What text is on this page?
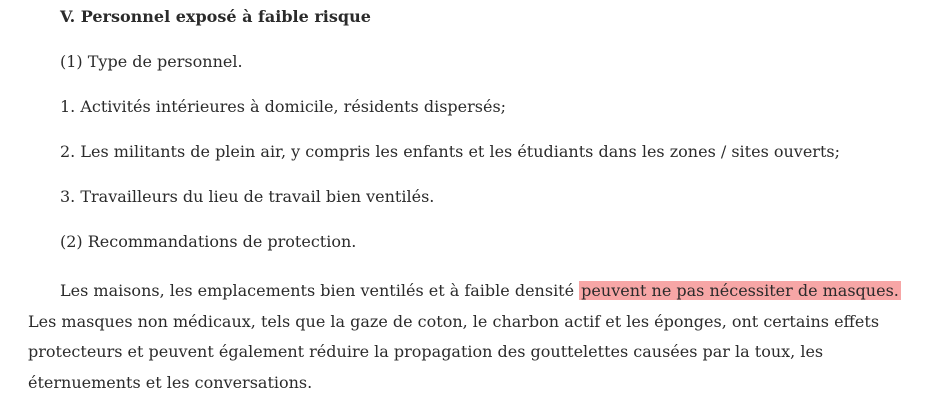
V. Personnel exposé à faible risque
(1) Type de personnel.
1. Activités intérieures à domicile, résidents dispersés;
2. Les militants de plein air, y compris les enfants et les étudiants dans les zones / sites ouverts;
3. Travailleurs du lieu de travail bien ventilés.
(2) Recommandations de protection.

Les maisons, les emplacements bien ventilés et à faible densité peuvent ne pas nécessiter de masques. Les masques non médicaux, tels que la gaze de coton, le charbon actif et les éponges, ont certains effets protecteurs et peuvent également réduire la propagation des gouttelettes causées par la toux, les éternuements et les conversations.
